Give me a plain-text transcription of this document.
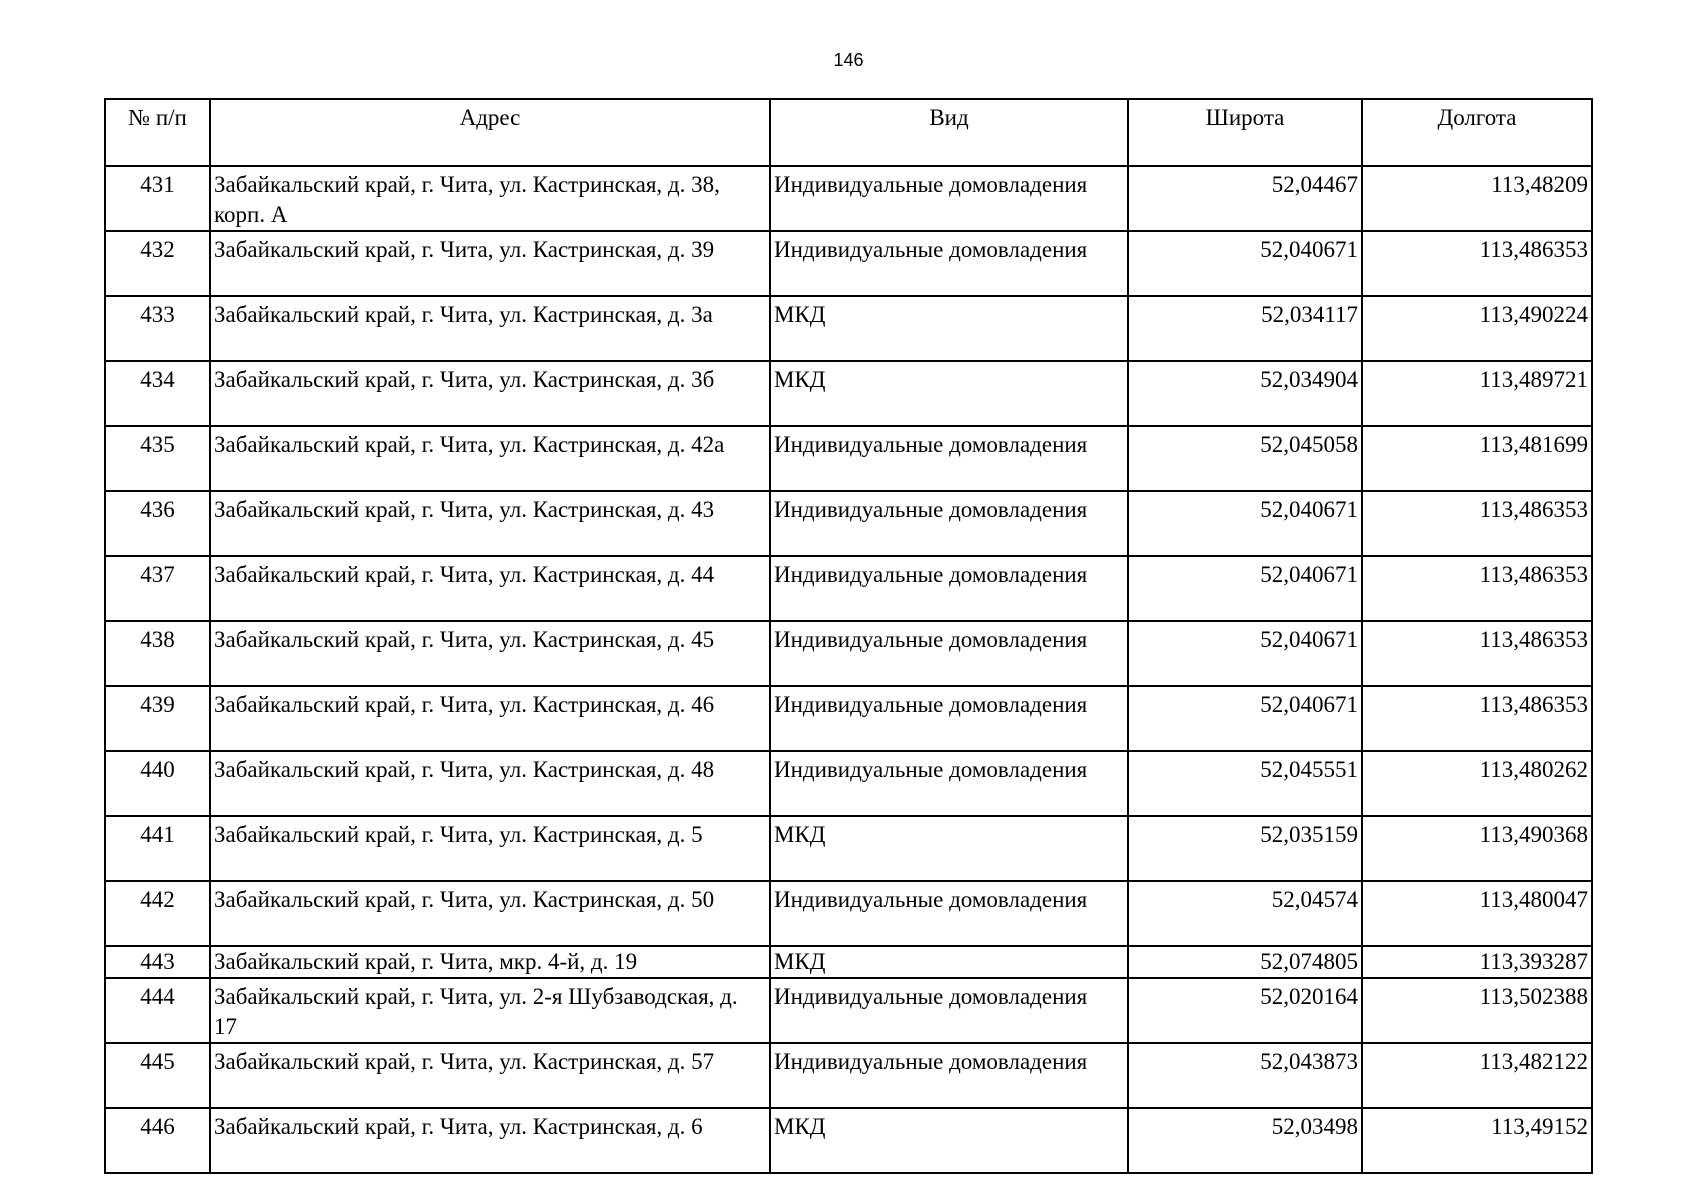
146
№ п/п	Адрес	Вид	Широта	Долгота
431	Забайкальский край, г. Чита, ул. Кастринская, д. 38, корп. А	Индивидуальные домовладения	52,04467	113,48209
432	Забайкальский край, г. Чита, ул. Кастринская, д. 39	Индивидуальные домовладения	52,040671	113,486353
433	Забайкальский край, г. Чита, ул. Кастринская, д. 3а	МКД	52,034117	113,490224
434	Забайкальский край, г. Чита, ул. Кастринская, д. 3б	МКД	52,034904	113,489721
435	Забайкальский край, г. Чита, ул. Кастринская, д. 42а	Индивидуальные домовладения	52,045058	113,481699
436	Забайкальский край, г. Чита, ул. Кастринская, д. 43	Индивидуальные домовладения	52,040671	113,486353
437	Забайкальский край, г. Чита, ул. Кастринская, д. 44	Индивидуальные домовладения	52,040671	113,486353
438	Забайкальский край, г. Чита, ул. Кастринская, д. 45	Индивидуальные домовладения	52,040671	113,486353
439	Забайкальский край, г. Чита, ул. Кастринская, д. 46	Индивидуальные домовладения	52,040671	113,486353
440	Забайкальский край, г. Чита, ул. Кастринская, д. 48	Индивидуальные домовладения	52,045551	113,480262
441	Забайкальский край, г. Чита, ул. Кастринская, д. 5	МКД	52,035159	113,490368
442	Забайкальский край, г. Чита, ул. Кастринская, д. 50	Индивидуальные домовладения	52,04574	113,480047
443	Забайкальский край, г. Чита, мкр. 4-й, д. 19	МКД	52,074805	113,393287
444	Забайкальский край, г. Чита, ул. 2-я Шубзаводская, д. 17	Индивидуальные домовладения	52,020164	113,502388
445	Забайкальский край, г. Чита, ул. Кастринская, д. 57	Индивидуальные домовладения	52,043873	113,482122
446	Забайкальский край, г. Чита, ул. Кастринская, д. 6	МКД	52,03498	113,49152
